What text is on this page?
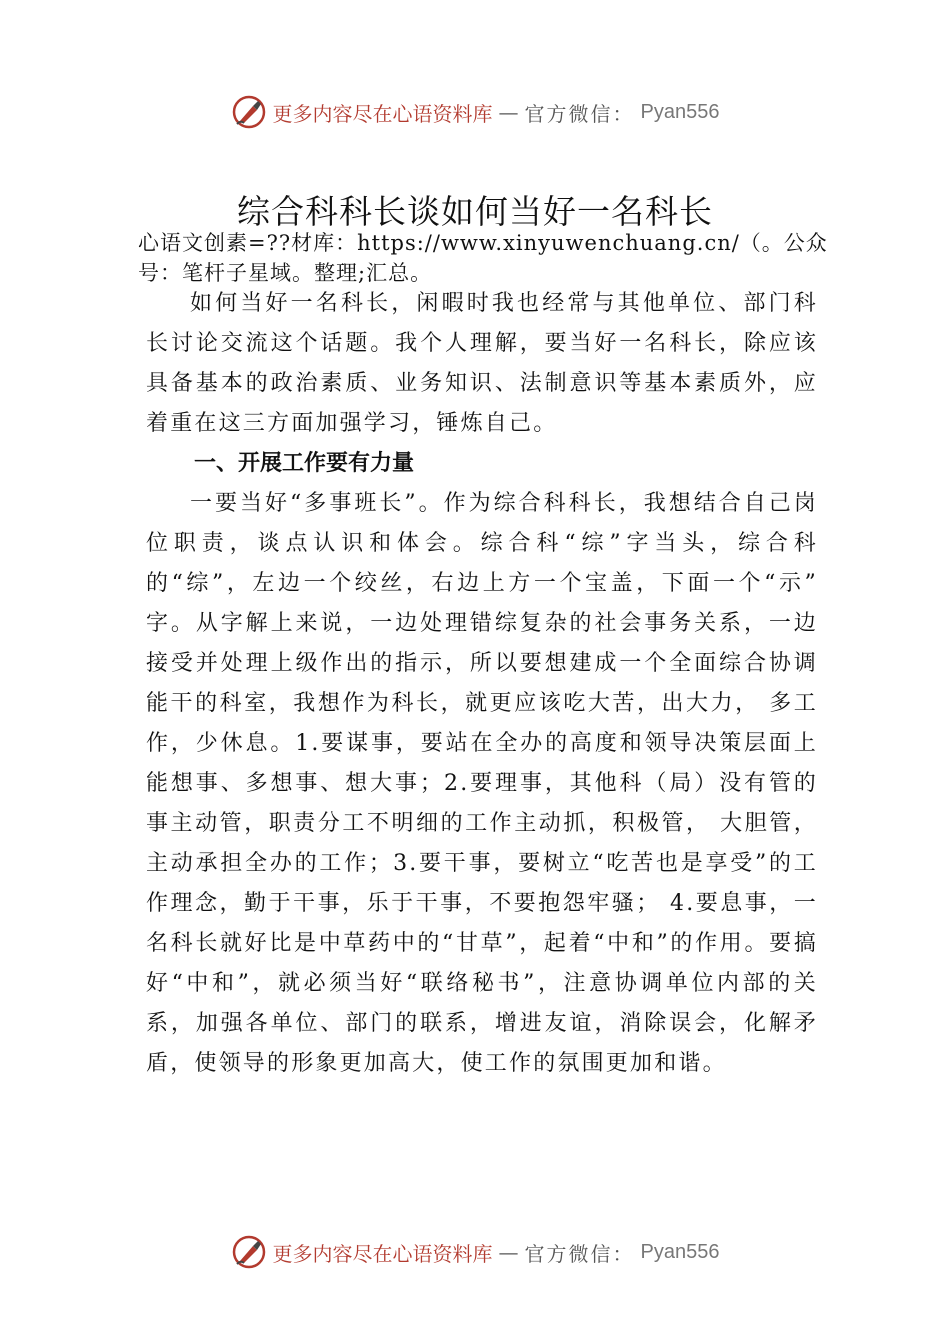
更多内容尽在心语资料库 — 官方微信： Pyan556
综合科科长谈如何当好一名科长
心语文创素=??材库：https://www.xinyuwenchuang.cn/（。公众号：笔杆子星域。整理;汇总。

如何当好一名科长，闲暇时我也经常与其他单位、部门科长讨论交流这个话题。我个人理解，要当好一名科长，除应该具备基本的政治素质、业务知识、法制意识等基本素质外，应着重在这三方面加强学习，锤炼自己。

一、开展工作要有力量

一要当好“多事班长”。作为综合科科长，我想结合自己岗位职责，谈点认识和体会。综合科“综”字当头，综合科的“综”，左边一个绞丝，右边上方一个宝盖，下面一个“示” 字。从字解上来说，一边处理错综复杂的社会事务关系，一边接受并处理上级作出的指示，所以要想建成一个全面综合协调能干的科室，我想作为科长，就更应该吃大苦，出大力， 多工作，少休息。1.要谋事，要站在全办的高度和领导决策层面上能想事、多想事、想大事；2.要理事，其他科（局）没有管的事主动管，职责分工不明细的工作主动抓，积极管， 大胆管，主动承担全办的工作；3.要干事，要树立“吃苦也是享受”的工作理念，勤于干事，乐于干事，不要抱怨牢骚； 4.要息事，一名科长就好比是中草药中的“甘草”，起着“中和”的作用。要搞好“中和”，就必须当好“联络秘书”，注意协调单位内部的关系，加强各单位、部门的联系，增进友谊，消除误会，化解矛盾，使领导的形象更加高大，使工作的氛围更加和谐。

更多内容尽在心语资料库 — 官方微信： Pyan556
